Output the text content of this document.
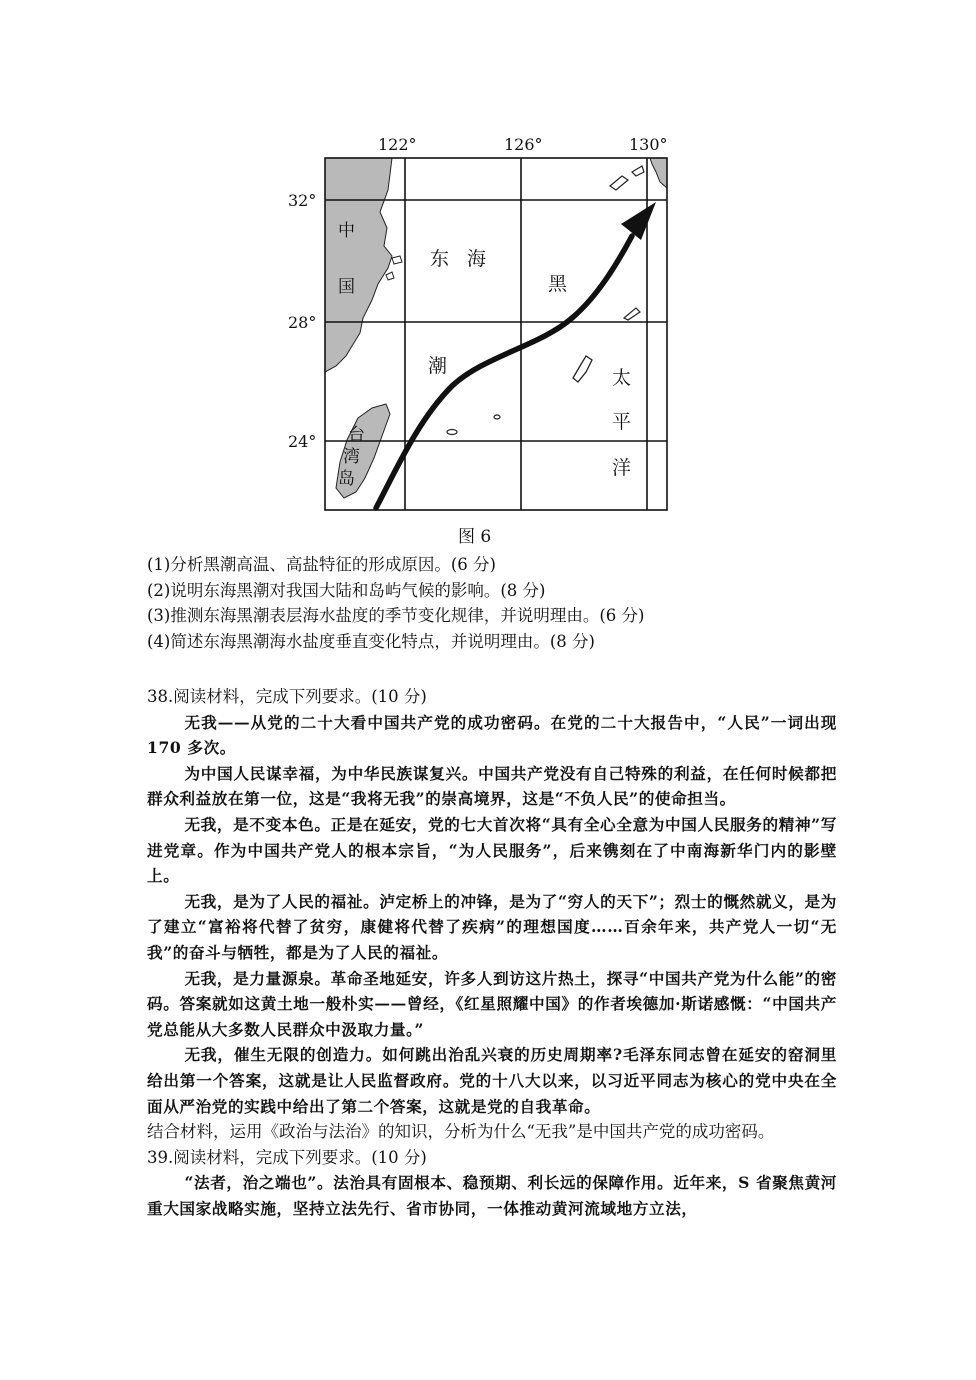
122°	126°	130°
32°
28°
24°
中
国
东 海
黑
潮
太
平
洋
台
湾
岛
图 6
(1)分析黑潮高温、高盐特征的形成原因。(6 分)
(2)说明东海黑潮对我国大陆和岛屿气候的影响。(8 分)
(3)推测东海黑潮表层海水盐度的季节变化规律，并说明理由。(6 分)
(4)简述东海黑潮海水盐度垂直变化特点，并说明理由。(8 分)
38.阅读材料，完成下列要求。(10 分)
无我——从党的二十大看中国共产党的成功密码。在党的二十大报告中，“人民”一词出现 170 多次。
为中国人民谋幸福，为中华民族谋复兴。中国共产党没有自己特殊的利益，在任何时候都把群众利益放在第一位，这是“我将无我”的崇高境界，这是“不负人民”的使命担当。
无我，是不变本色。正是在延安，党的七大首次将“具有全心全意为中国人民服务的精神”写进党章。作为中国共产党人的根本宗旨，“为人民服务”，后来镌刻在了中南海新华门内的影壁上。
无我，是为了人民的福祉。泸定桥上的冲锋，是为了“穷人的天下”；烈士的慨然就义，是为了建立“富裕将代替了贫穷，康健将代替了疾病”的理想国度……百余年来，共产党人一切“无我”的奋斗与牺牲，都是为了人民的福祉。
无我，是力量源泉。革命圣地延安，许多人到访这片热土，探寻“中国共产党为什么能”的密码。答案就如这黄土地一般朴实——曾经，《红星照耀中国》的作者埃德加·斯诺感慨：“中国共产党总能从大多数人民群众中汲取力量。”
无我，催生无限的创造力。如何跳出治乱兴衰的历史周期率?毛泽东同志曾在延安的窑洞里给出第一个答案，这就是让人民监督政府。党的十八大以来，以习近平同志为核心的党中央在全面从严治党的实践中给出了第二个答案，这就是党的自我革命。
结合材料，运用《政治与法治》的知识，分析为什么“无我”是中国共产党的成功密码。
39.阅读材料，完成下列要求。(10 分)
“法者，治之端也”。法治具有固根本、稳预期、利长远的保障作用。近年来，S 省聚焦黄河重大国家战略实施，坚持立法先行、省市协同，一体推动黄河流域地方立法，
